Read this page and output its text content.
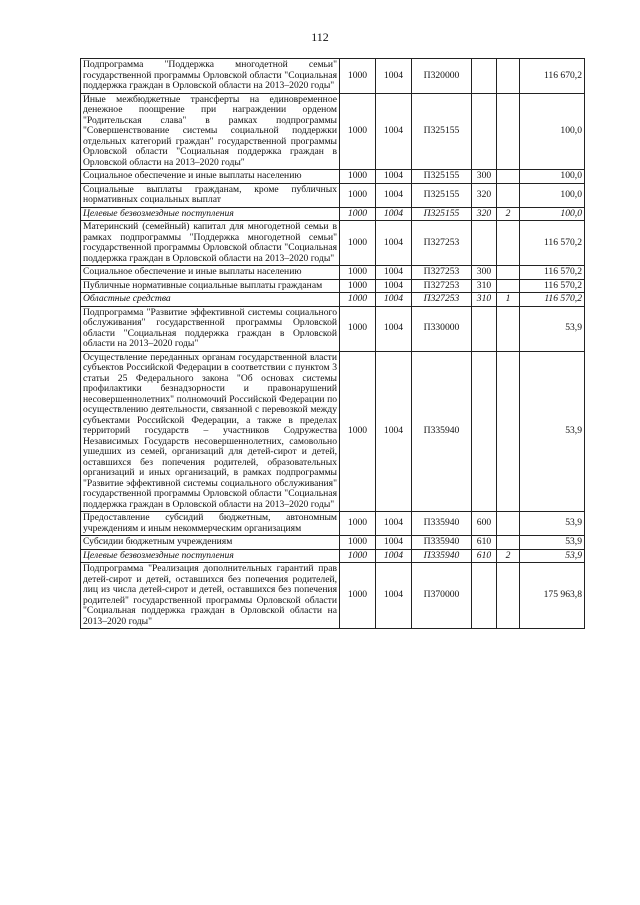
112
Подпрограмма "Поддержка многодетной семьи" государственной программы Орловской области "Социальная поддержка граждан в Орловской области на 2013–2020 годы"	1000	1004	П320000			116 670,2
Иные межбюджетные трансферты на единовременное денежное поощрение при награждении орденом "Родительская слава" в рамках подпрограммы "Совершенствование системы социальной поддержки отдельных категорий граждан" государственной программы Орловской области "Социальная поддержка граждан в Орловской области на 2013–2020 годы"	1000	1004	П325155			100,0
Социальное обеспечение и иные выплаты населению	1000	1004	П325155	300		100,0
Социальные выплаты гражданам, кроме публичных нормативных социальных выплат	1000	1004	П325155	320		100,0
Целевые безвозмездные поступления	1000	1004	П325155	320	2	100,0
Материнский (семейный) капитал для многодетной семьи в рамках подпрограммы "Поддержка многодетной семьи" государственной программы Орловской области "Социальная поддержка граждан в Орловской области на 2013–2020 годы"	1000	1004	П327253			116 570,2
Социальное обеспечение и иные выплаты населению	1000	1004	П327253	300		116 570,2
Публичные нормативные социальные выплаты гражданам	1000	1004	П327253	310		116 570,2
Областные средства	1000	1004	П327253	310	1	116 570,2
Подпрограмма "Развитие эффективной системы социального обслуживания" государственной программы Орловской области "Социальная поддержка граждан в Орловской области на 2013–2020 годы"	1000	1004	П330000			53,9
Осуществление переданных органам государственной власти субъектов Российской Федерации в соответствии с пунктом 3 статьи 25 Федерального закона "Об основах системы профилактики безнадзорности и правонарушений несовершеннолетних" полномочий Российской Федерации по осуществлению деятельности, связанной с перевозкой между субъектами Российской Федерации, а также в пределах территорий государств – участников Содружества Независимых Государств несовершеннолетних, самовольно ушедших из семей, организаций для детей-сирот и детей, оставшихся без попечения родителей, образовательных организаций и иных организаций, в рамках подпрограммы "Развитие эффективной системы социального обслуживания" государственной программы Орловской области "Социальная поддержка граждан в Орловской области на 2013–2020 годы"	1000	1004	П335940			53,9
Предоставление субсидий бюджетным, автономным учреждениям и иным некоммерческим организациям	1000	1004	П335940	600		53,9
Субсидии бюджетным учреждениям	1000	1004	П335940	610		53,9
Целевые безвозмездные поступления	1000	1004	П335940	610	2	53,9
Подпрограмма "Реализация дополнительных гарантий прав детей-сирот и детей, оставшихся без попечения родителей, лиц из числа детей-сирот и детей, оставшихся без попечения родителей" государственной программы Орловской области "Социальная поддержка граждан в Орловской области на 2013–2020 годы"	1000	1004	П370000			175 963,8
